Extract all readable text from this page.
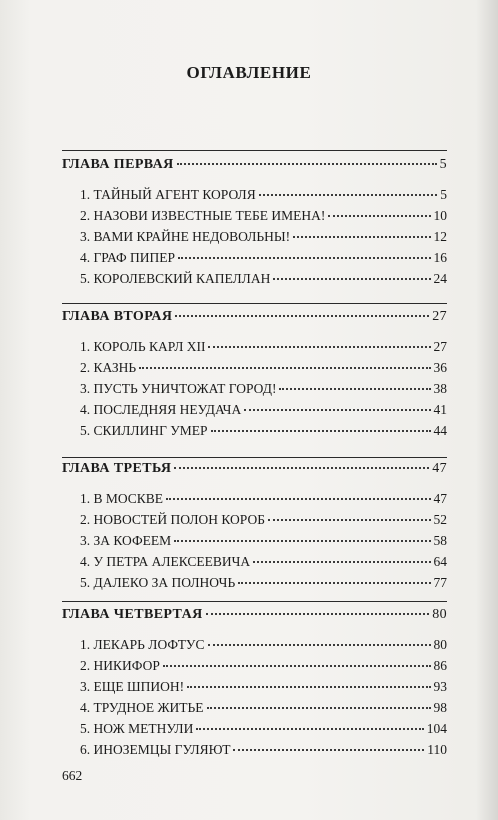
ОГЛАВЛЕНИЕ
ГЛАВА ПЕРВАЯ	5
1. ТАЙНЫЙ АГЕНТ КОРОЛЯ	5
2. НАЗОВИ ИЗВЕСТНЫЕ ТЕБЕ ИМЕНА!	10
3. ВАМИ КРАЙНЕ НЕДОВОЛЬНЫ!	12
4. ГРАФ ПИПЕР	16
5. КОРОЛЕВСКИЙ КАПЕЛЛАН	24
ГЛАВА ВТОРАЯ	27
1. КОРОЛЬ КАРЛ XII	27
2. КАЗНЬ	36
3. ПУСТЬ УНИЧТОЖАТ ГОРОД!	38
4. ПОСЛЕДНЯЯ НЕУДАЧА	41
5. СКИЛЛИНГ УМЕР	44
ГЛАВА ТРЕТЬЯ	47
1. В МОСКВЕ	47
2. НОВОСТЕЙ ПОЛОН КОРОБ	52
3. ЗА КОФЕЕМ	58
4. У ПЕТРА АЛЕКСЕЕВИЧА	64
5. ДАЛЕКО ЗА ПОЛНОЧЬ	77
ГЛАВА ЧЕТВЕРТАЯ	80
1. ЛЕКАРЬ ЛОФТУС	80
2. НИКИФОР	86
3. ЕЩЕ ШПИОН!	93
4. ТРУДНОЕ ЖИТЬЕ	98
5. НОЖ МЕТНУЛИ	104
6. ИНОЗЕМЦЫ ГУЛЯЮТ	110
662
